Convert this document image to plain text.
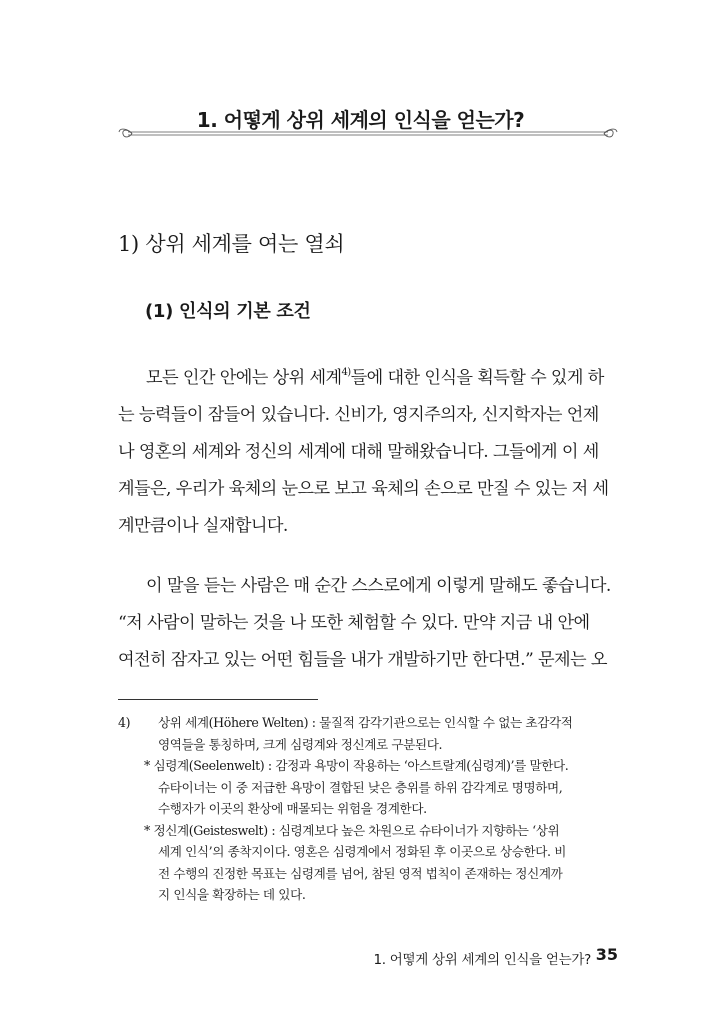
1. 어떻게 상위 세계의 인식을 얻는가?
1) 상위 세계를 여는 열쇠
(1) 인식의 기본 조건
모든 인간 안에는 상위 세계$^{4)}$들에 대한 인식을 획득할 수 있게 하
는 능력들이 잠들어 있습니다. 신비가, 영지주의자, 신지학자는 언제
나 영혼의 세계와 정신의 세계에 대해 말해왔습니다. 그들에게 이 세
계들은, 우리가 육체의 눈으로 보고 육체의 손으로 만질 수 있는 저 세
계만큼이나 실재합니다.
이 말을 듣는 사람은 매 순간 스스로에게 이렇게 말해도 좋습니다.
“저 사람이 말하는 것을 나 또한 체험할 수 있다. 만약 지금 내 안에
여전히 잠자고 있는 어떤 힘들을 내가 개발하기만 한다면.” 문제는 오
4) 상위 세계(Höhere Welten) : 물질적 감각기관으로는 인식할 수 없는 초감각적
영역들을 통칭하며, 크게 심령계와 정신계로 구분된다.
* 심령계(Seelenwelt) : 감정과 욕망이 작용하는 ‘아스트랄계(심령계)’를 말한다.
슈타이너는 이 중 저급한 욕망이 결합된 낮은 층위를 하위 감각계로 명명하며,
수행자가 이곳의 환상에 매몰되는 위험을 경계한다.
* 정신계(Geisteswelt) : 심령계보다 높은 차원으로 슈타이너가 지향하는 ‘상위
세계 인식’의 종착지이다. 영혼은 심령계에서 정화된 후 이곳으로 상승한다. 비
전 수행의 진정한 목표는 심령계를 넘어, 참된 영적 법칙이 존재하는 정신계까
지 인식을 확장하는 데 있다.
1. 어떻게 상위 세계의 인식을 얻는가? 35
